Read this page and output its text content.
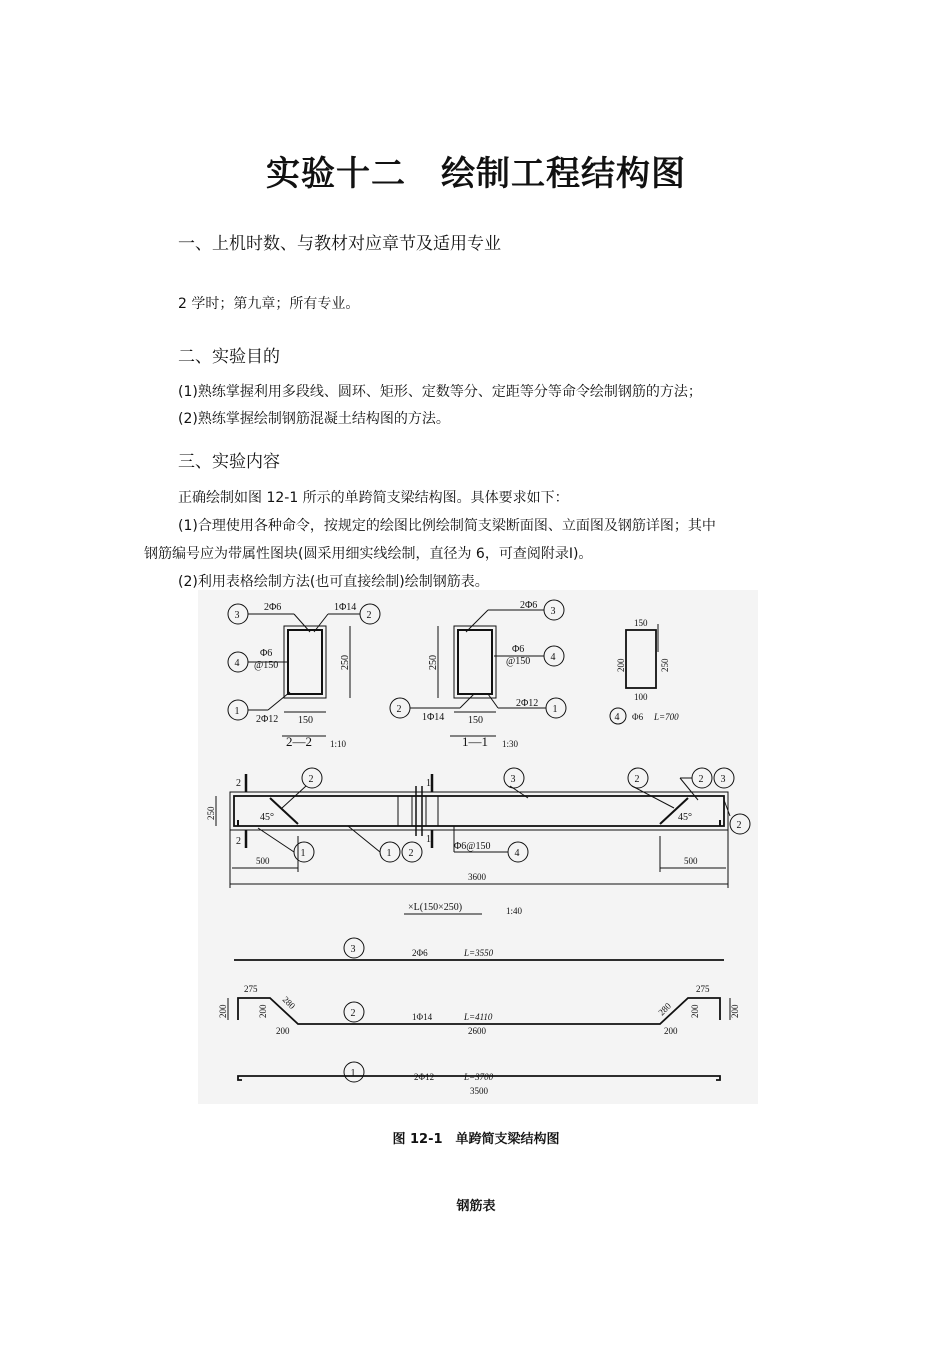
实验十二　绘制工程结构图
一、上机时数、与教材对应章节及适用专业
2 学时；第九章；所有专业。
二、实验目的
(1)熟练掌握利用多段线、圆环、矩形、定数等分、定距等分等命令绘制钢筋的方法；
(2)熟练掌握绘制钢筋混凝土结构图的方法。
三、实验内容
正确绘制如图 12-1 所示的单跨简支梁结构图。具体要求如下：
(1)合理使用各种命令，按规定的绘图比例绘制简支梁断面图、立面图及钢筋详图；其中
钢筋编号应为带属性图块(圆采用细实线绘制，直径为 6，可查阅附录I)。
(2)利用表格绘制方法(也可直接绘制)绘制钢筋表。
3	2
4
1
3
4
1
2
4
2	3	2	2 3
2
1	1 2	4
3
2
1
2Φ6	1Φ14
Φ6
@150
2Φ12 150
250
2—2 1:10
2Φ6
Φ6
@150
1Φ14
2Φ12
150
250
1—1 1:30
150
200	250
100
Φ6 L=700
2
2
1
1
45°	45°
Φ6@150
250
500	500
3600
×L(150×250)	1:40
2Φ6	L=3550
275	275
200	200	200	200
280	280
200	200
1Φ14	L=4110
2600
2Φ12	L=3700
3500
图 12-1　单跨简支梁结构图
钢筋表
